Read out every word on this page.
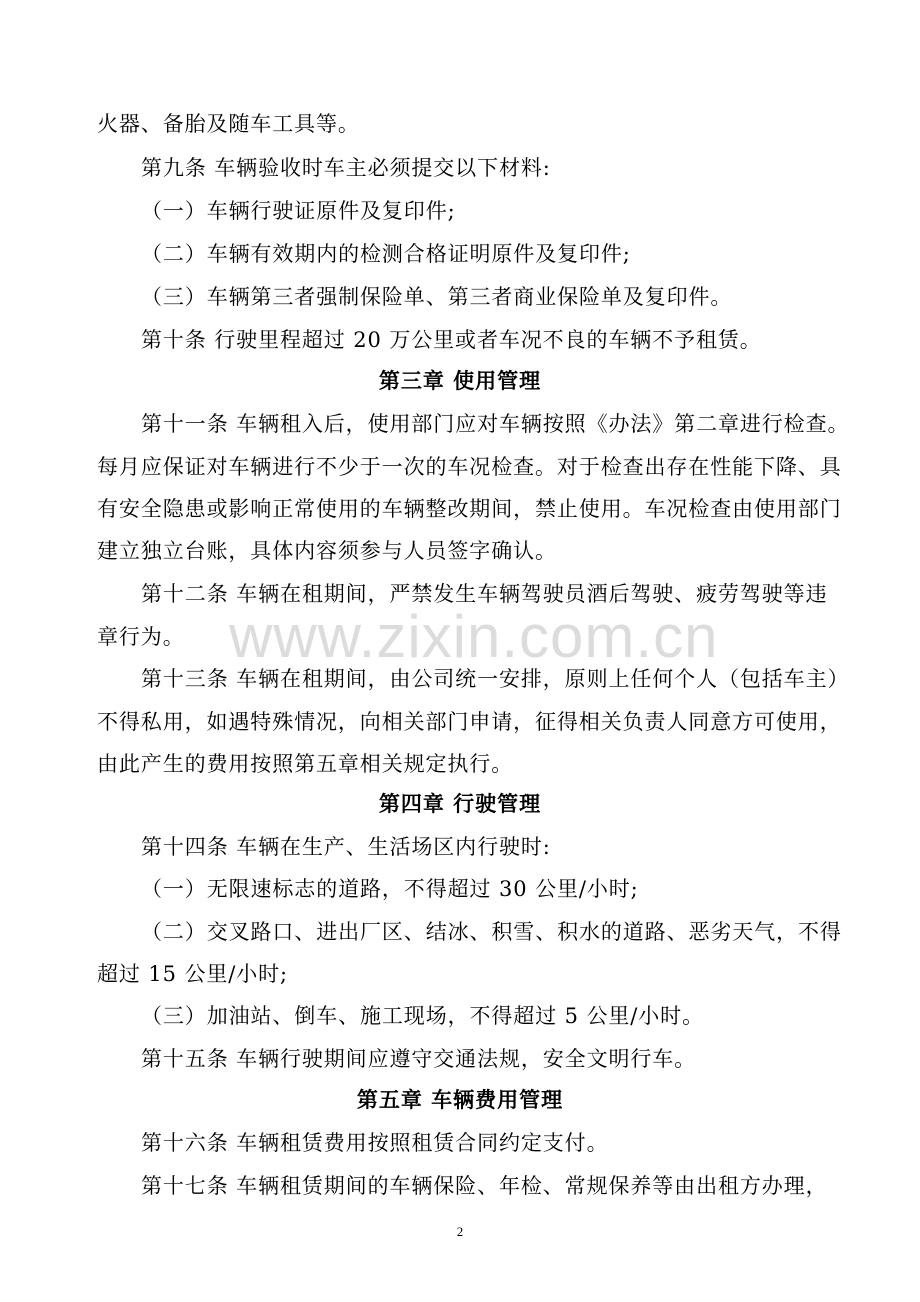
www.zixin.com.cn
火器、备胎及随车工具等。
第九条 车辆验收时车主必须提交以下材料:
（一）车辆行驶证原件及复印件;
（二）车辆有效期内的检测合格证明原件及复印件;
（三）车辆第三者强制保险单、第三者商业保险单及复印件。
第十条 行驶里程超过 20 万公里或者车况不良的车辆不予租赁。
第三章 使用管理
第十一条 车辆租入后，使用部门应对车辆按照《办法》第二章进行检查。
每月应保证对车辆进行不少于一次的车况检查。对于检查出存在性能下降、具
有安全隐患或影响正常使用的车辆整改期间，禁止使用。车况检查由使用部门
建立独立台账，具体内容须参与人员签字确认。
第十二条 车辆在租期间，严禁发生车辆驾驶员酒后驾驶、疲劳驾驶等违
章行为。
第十三条 车辆在租期间，由公司统一安排，原则上任何个人（包括车主）
不得私用，如遇特殊情况，向相关部门申请，征得相关负责人同意方可使用，
由此产生的费用按照第五章相关规定执行。
第四章 行驶管理
第十四条 车辆在生产、生活场区内行驶时:
（一）无限速标志的道路，不得超过 30 公里/小时;
（二）交叉路口、进出厂区、结冰、积雪、积水的道路、恶劣天气，不得
超过 15 公里/小时;
（三）加油站、倒车、施工现场，不得超过 5 公里/小时。
第十五条 车辆行驶期间应遵守交通法规，安全文明行车。
第五章 车辆费用管理
第十六条 车辆租赁费用按照租赁合同约定支付。
第十七条 车辆租赁期间的车辆保险、年检、常规保养等由出租方办理，
2
